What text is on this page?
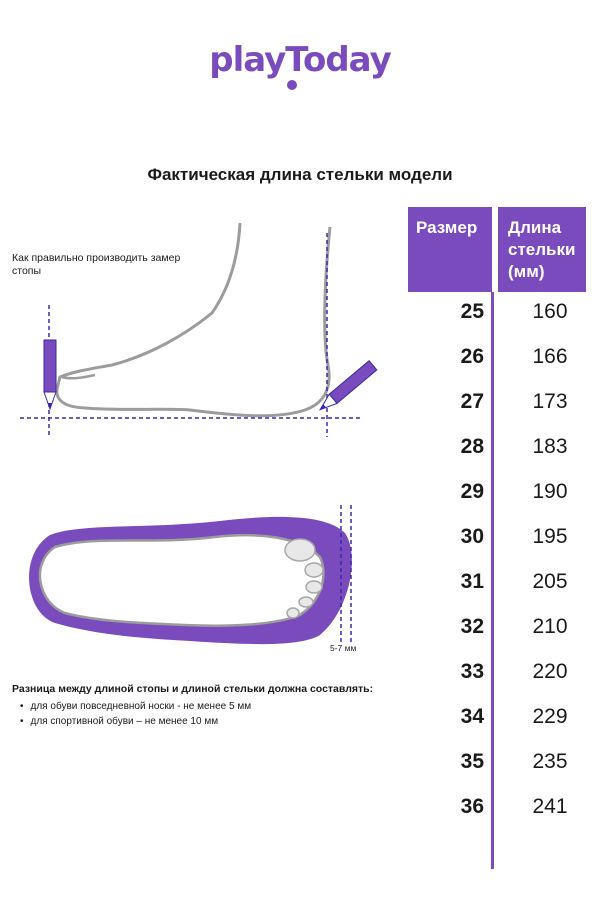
playToday
Фактическая длина стельки модели
Как правильно производить замер стопы
5-7 мм
Разница между длиной стопы и длиной стельки должна составлять:
• для обуви повседневной носки - не менее 5 мм
• для спортивной обуви – не менее 10 мм
Размер Длина стельки (мм)
25	160
26	166
27	173
28	183
29	190
30	195
31	205
32	210
33	220
34	229
35	235
36	241
